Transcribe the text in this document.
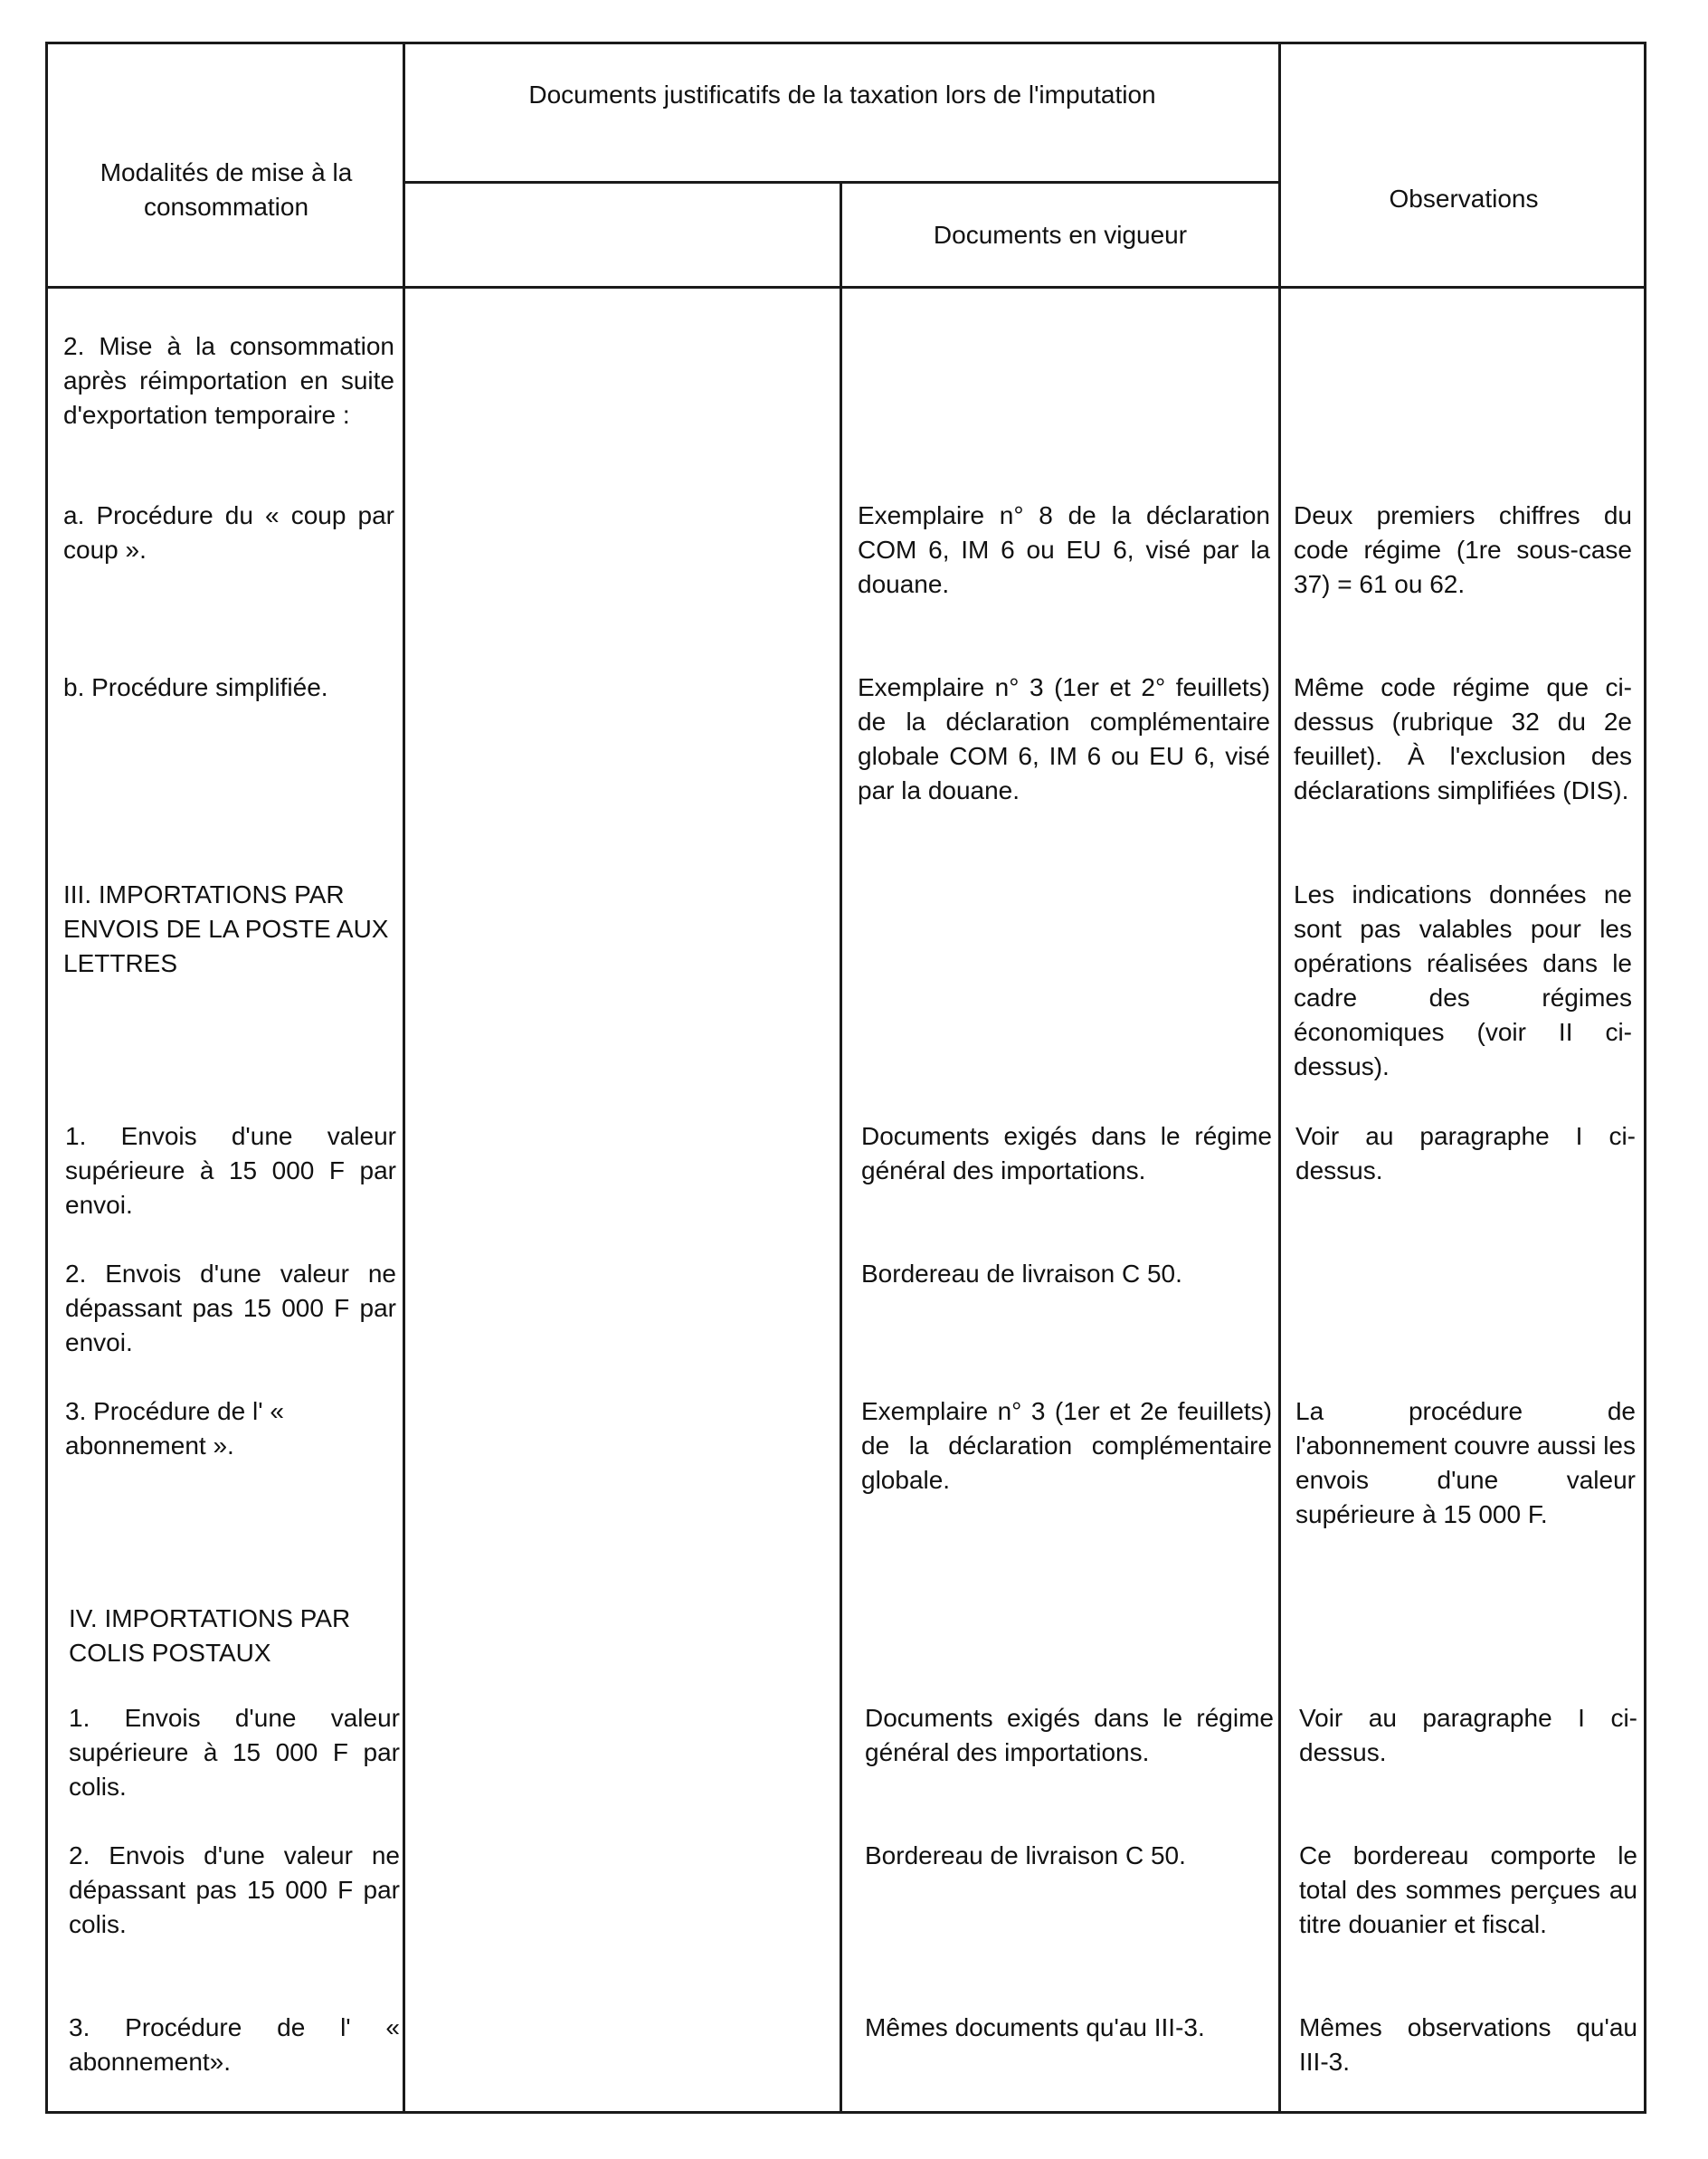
Modalités de mise à la consommation
Documents justificatifs de la taxation lors de l'imputation
Documents en vigueur
Observations
2. Mise à la consommation après réimportation en suite d'exportation temporaire :
a. Procédure du « coup par coup ».
b. Procédure simplifiée.
III. IMPORTATIONS PAR ENVOIS DE LA POSTE AUX LETTRES
1. Envois d'une valeur supérieure à 15 000 F par envoi.
2. Envois d'une valeur ne dépassant pas 15 000 F par envoi.
3. Procédure de l' « abonnement ».
IV. IMPORTATIONS PAR COLIS POSTAUX
1. Envois d'une valeur supérieure à 15 000 F par colis.
2. Envois d'une valeur ne dépassant pas 15 000 F par colis.
3. Procédure de l' « abonnement».
Exemplaire n° 8 de la déclaration COM 6, IM 6 ou EU 6, visé par la douane.
Exemplaire n° 3 (1er et 2° feuillets) de la déclaration complémentaire globale COM 6, IM 6 ou EU 6, visé par la douane.
Documents exigés dans le régime général des importations.
Bordereau de livraison C 50.
Exemplaire n° 3 (1er et 2e feuillets) de la déclaration complémentaire globale.
Documents exigés dans le régime général des importations.
Bordereau de livraison C 50.
Mêmes documents qu'au III-3.
Deux premiers chiffres du code régime (1re sous-case 37) = 61 ou 62.
Même code régime que ci-dessus (rubrique 32 du 2e feuillet). À l'exclusion des déclarations simplifiées (DIS).
Les indications données ne sont pas valables pour les opérations réalisées dans le cadre des régimes économiques (voir II ci-dessus).
Voir au paragraphe I ci-dessus.
La procédure de l'abonnement couvre aussi les envois d'une valeur supérieure à 15 000 F.
Voir au paragraphe I ci-dessus.
Ce bordereau comporte le total des sommes perçues au titre douanier et fiscal.
Mêmes observations qu'au III-3.
